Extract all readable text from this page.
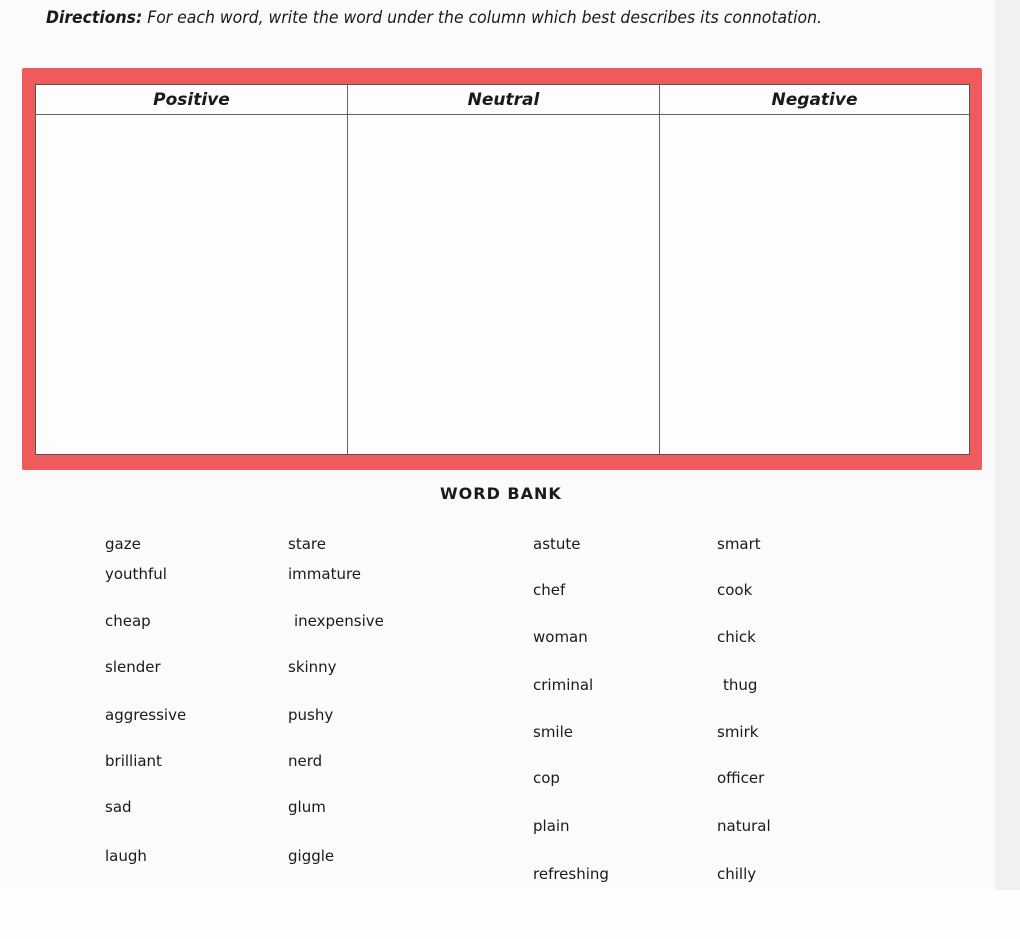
Directions: For each word, write the word under the column which best describes its connotation.
Positive	Neutral	Negative
WORD BANK
gaze
youthful
cheap
slender
aggressive
brilliant
sad
laugh
stare
immature
inexpensive
skinny
pushy
nerd
glum
giggle
astute
chef
woman
criminal
smile
cop
plain
refreshing
smart
cook
chick
thug
smirk
officer
natural
chilly
